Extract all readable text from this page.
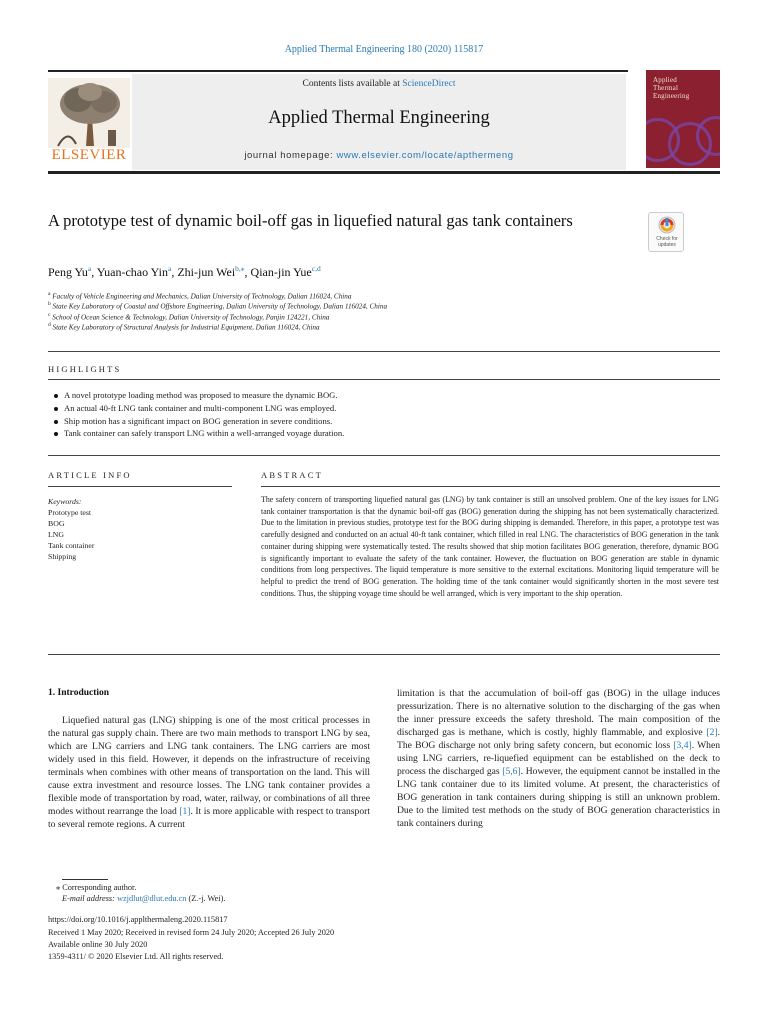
Applied Thermal Engineering 180 (2020) 115817
ELSEVIER
Contents lists available at ScienceDirect
Applied Thermal Engineering
journal homepage: www.elsevier.com/locate/apthermeng
Applied
Thermal
Engineering
A prototype test of dynamic boil-off gas in liquefied natural gas tank containers
Check for
updates
Peng Yu$^a$, Yuan-chao Yin$^a$, Zhi-jun Wei$^{b,⁎}$, Qian-jin Yue$^{c,d}$
$^a$ Faculty of Vehicle Engineering and Mechanics, Dalian University of Technology, Dalian 116024, China
$^b$ State Key Laboratory of Coastal and Offshore Engineering, Dalian University of Technology, Dalian 116024, China
$^c$ School of Ocean Science & Technology, Dalian University of Technology, Panjin 124221, China
$^d$ State Key Laboratory of Structural Analysis for Industrial Equipment, Dalian 116024, China
HIGHLIGHTS
A novel prototype loading method was proposed to measure the dynamic BOG.
An actual 40-ft LNG tank container and multi-component LNG was employed.
Ship motion has a significant impact on BOG generation in severe conditions.
Tank container can safely transport LNG within a well-arranged voyage duration.
ARTICLE INFO	ABSTRACT
Keywords:
Prototype test
BOG
LNG
Tank container
Shipping
The safety concern of transporting liquefied natural gas (LNG) by tank container is still an unsolved problem. One of the key issues for LNG tank container transportation is that the dynamic boil-off gas (BOG) generation during the shipping has not been systematically characterized. Due to the limitation in previous studies, prototype test for the BOG during shipping is demanded. Therefore, in this paper, a prototype test was carefully designed and conducted on an actual 40-ft tank container, which filled in real LNG. The characteristics of BOG generation in the tank container during shipping were systematically tested. The results showed that ship motion facilitates BOG generation, therefore, dynamic BOG is significantly important to evaluate the safety of the tank container. However, the fluctuation on BOG generation are stable in dynamic conditions from long perspectives. The liquid temperature is more sensitive to the external excitations. Monitoring liquid temperature will be helpful to predict the trend of BOG generation. The holding time of the tank container would significantly shorten in the most severe test conditions. Thus, the shipping voyage time should be well arranged, which is very important to the ship operation.
1. Introduction

Liquefied natural gas (LNG) shipping is one of the most critical processes in the natural gas supply chain. There are two main methods to transport LNG by sea, which are LNG carriers and LNG tank containers. The LNG carriers are most widely used in this field. However, it depends on the infrastructure of receiving terminals when combines with other means of transportation on the land. This will cause extra investment and resource losses. The LNG tank container provides a flexible mode of transportation by road, water, railway, or combinations of all three modes without rearrange the load [1]. It is more applicable with respect to transport to several remote regions. A current

limitation is that the accumulation of boil-off gas (BOG) in the ullage induces pressurization. There is no alternative solution to the discharging of the gas when the inner pressure exceeds the safety threshold. The main composition of the discharged gas is methane, which is costly, highly flammable, and explosive [2]. The BOG discharge not only bring safety concern, but economic loss [3,4]. When using LNG carriers, re-liquefied equipment can be established on the deck to process the discharged gas [5,6]. However, the equipment cannot be installed in the LNG tank container due to its limited volume. At present, the characteristics of BOG generation in tank containers during shipping is still an unknown problem. Due to the limited test methods on the study of BOG generation characteristics in tank containers during

⁎ Corresponding author.
E-mail address: wzjdlut@dlut.edu.cn (Z.-j. Wei).
https://doi.org/10.1016/j.applthermaleng.2020.115817
Received 1 May 2020; Received in revised form 24 July 2020; Accepted 26 July 2020
Available online 30 July 2020
1359-4311/ © 2020 Elsevier Ltd. All rights reserved.
